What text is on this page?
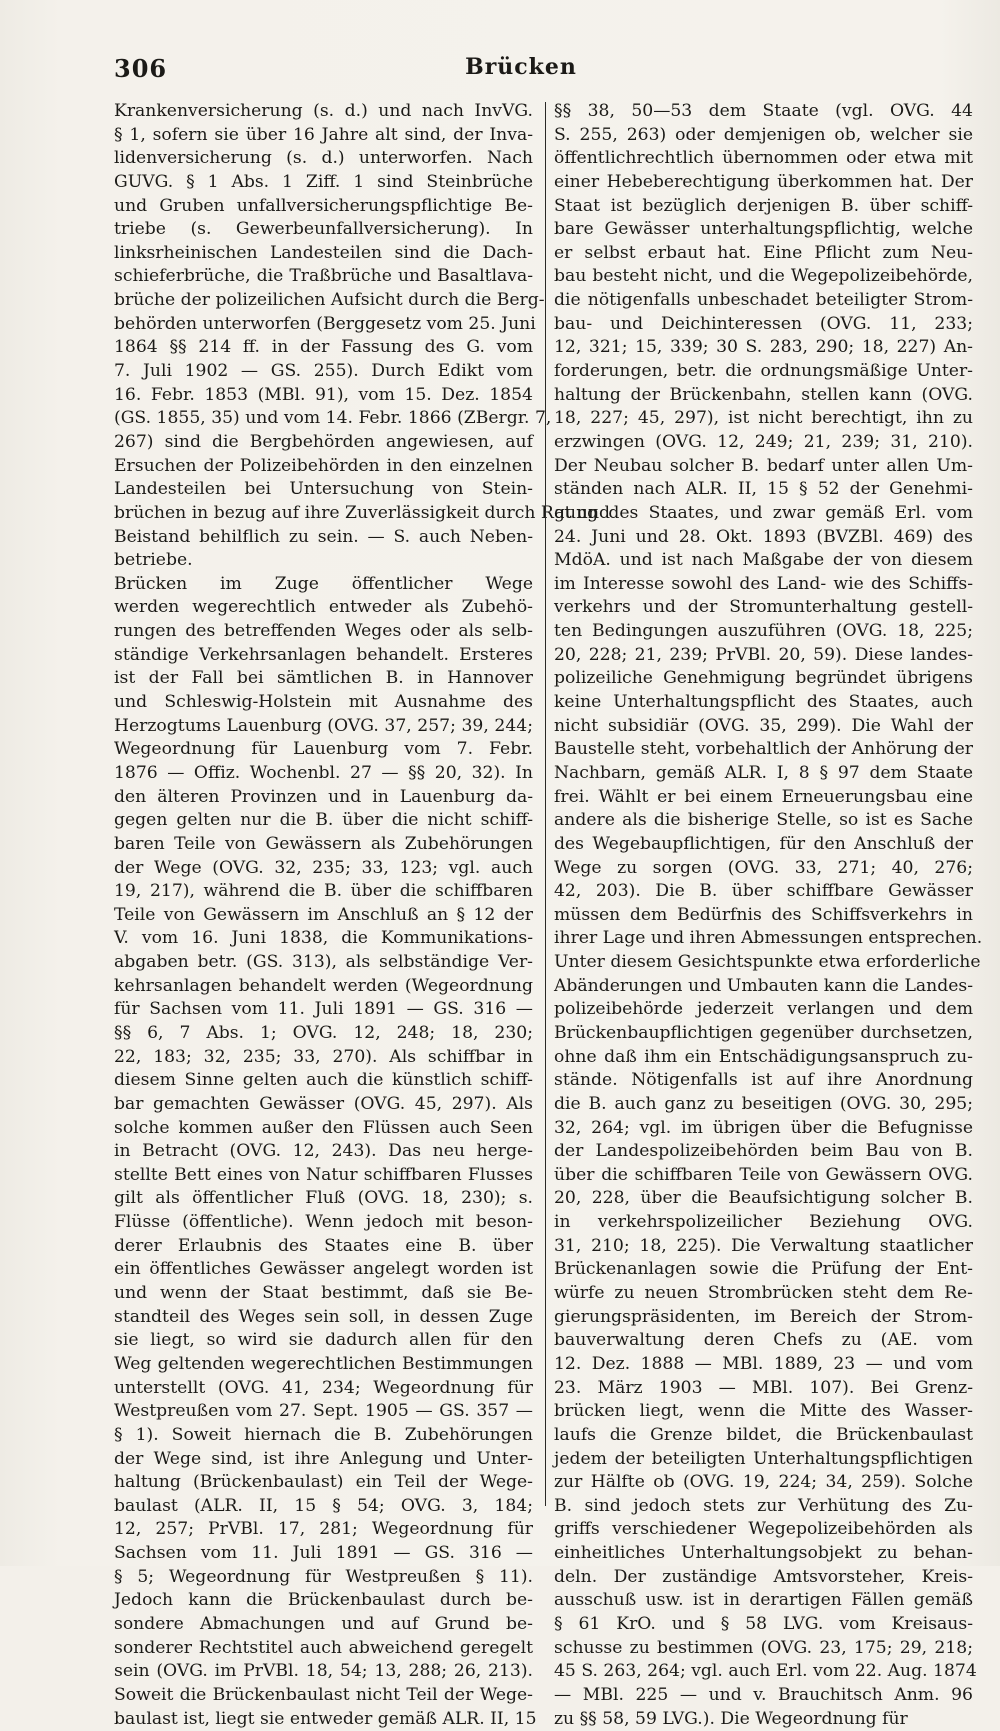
306	Brücken
Krankenversicherung (s. d.) und nach InvVG.
§ 1, sofern sie über 16 Jahre alt sind, der Inva-
lidenversicherung (s. d.) unterworfen. Nach
GUVG. § 1 Abs. 1 Ziff. 1 sind Steinbrüche
und Gruben unfallversicherungspflichtige Be-
triebe (s. Gewerbeunfallversicherung). In
linksrheinischen Landesteilen sind die Dach-
schieferbrüche, die Traßbrüche und Basaltlava-
brüche der polizeilichen Aufsicht durch die Berg-
behörden unterworfen (Berggesetz vom 25. Juni
1864 §§ 214 ff. in der Fassung des G. vom
7. Juli 1902 — GS. 255). Durch Edikt vom
16. Febr. 1853 (MBl. 91), vom 15. Dez. 1854
(GS. 1855, 35) und vom 14. Febr. 1866 (ZBergr. 7,
267) sind die Bergbehörden angewiesen, auf
Ersuchen der Polizeibehörden in den einzelnen
Landesteilen bei Untersuchung von Stein-
brüchen in bezug auf ihre Zuverlässigkeit durch Rat und
Beistand behilflich zu sein. — S. auch Neben-
betriebe.
Brücken im Zuge öffentlicher Wege
werden wegerechtlich entweder als Zubehö-
rungen des betreffenden Weges oder als selb-
ständige Verkehrsanlagen behandelt. Ersteres
ist der Fall bei sämtlichen B. in Hannover
und Schleswig-Holstein mit Ausnahme des
Herzogtums Lauenburg (OVG. 37, 257; 39, 244;
Wegeordnung für Lauenburg vom 7. Febr.
1876 — Offiz. Wochenbl. 27 — §§ 20, 32). In
den älteren Provinzen und in Lauenburg da-
gegen gelten nur die B. über die nicht schiff-
baren Teile von Gewässern als Zubehörungen
der Wege (OVG. 32, 235; 33, 123; vgl. auch
19, 217), während die B. über die schiffbaren
Teile von Gewässern im Anschluß an § 12 der
V. vom 16. Juni 1838, die Kommunikations-
abgaben betr. (GS. 313), als selbständige Ver-
kehrsanlagen behandelt werden (Wegeordnung
für Sachsen vom 11. Juli 1891 — GS. 316 —
§§ 6, 7 Abs. 1; OVG. 12, 248; 18, 230;
22, 183; 32, 235; 33, 270). Als schiffbar in
diesem Sinne gelten auch die künstlich schiff-
bar gemachten Gewässer (OVG. 45, 297). Als
solche kommen außer den Flüssen auch Seen
in Betracht (OVG. 12, 243). Das neu herge-
stellte Bett eines von Natur schiffbaren Flusses
gilt als öffentlicher Fluß (OVG. 18, 230); s.
Flüsse (öffentliche). Wenn jedoch mit beson-
derer Erlaubnis des Staates eine B. über
ein öffentliches Gewässer angelegt worden ist
und wenn der Staat bestimmt, daß sie Be-
standteil des Weges sein soll, in dessen Zuge
sie liegt, so wird sie dadurch allen für den
Weg geltenden wegerechtlichen Bestimmungen
unterstellt (OVG. 41, 234; Wegeordnung für
Westpreußen vom 27. Sept. 1905 — GS. 357 —
§ 1). Soweit hiernach die B. Zubehörungen
der Wege sind, ist ihre Anlegung und Unter-
haltung (Brückenbaulast) ein Teil der Wege-
baulast (ALR. II, 15 § 54; OVG. 3, 184;
12, 257; PrVBl. 17, 281; Wegeordnung für
Sachsen vom 11. Juli 1891 — GS. 316 —
§ 5; Wegeordnung für Westpreußen § 11).
Jedoch kann die Brückenbaulast durch be-
sondere Abmachungen und auf Grund be-
sonderer Rechtstitel auch abweichend geregelt
sein (OVG. im PrVBl. 18, 54; 13, 288; 26, 213).
Soweit die Brückenbaulast nicht Teil der Wege-
baulast ist, liegt sie entweder gemäß ALR. II, 15
§§ 38, 50—53 dem Staate (vgl. OVG. 44
S. 255, 263) oder demjenigen ob, welcher sie
öffentlichrechtlich übernommen oder etwa mit
einer Hebeberechtigung überkommen hat. Der
Staat ist bezüglich derjenigen B. über schiff-
bare Gewässer unterhaltungspflichtig, welche
er selbst erbaut hat. Eine Pflicht zum Neu-
bau besteht nicht, und die Wegepolizeibehörde,
die nötigenfalls unbeschadet beteiligter Strom-
bau- und Deichinteressen (OVG. 11, 233;
12, 321; 15, 339; 30 S. 283, 290; 18, 227) An-
forderungen, betr. die ordnungsmäßige Unter-
haltung der Brückenbahn, stellen kann (OVG.
18, 227; 45, 297), ist nicht berechtigt, ihn zu
erzwingen (OVG. 12, 249; 21, 239; 31, 210).
Der Neubau solcher B. bedarf unter allen Um-
ständen nach ALR. II, 15 § 52 der Genehmi-
gung des Staates, und zwar gemäß Erl. vom
24. Juni und 28. Okt. 1893 (BVZBl. 469) des
MdöA. und ist nach Maßgabe der von diesem
im Interesse sowohl des Land- wie des Schiffs-
verkehrs und der Stromunterhaltung gestell-
ten Bedingungen auszuführen (OVG. 18, 225;
20, 228; 21, 239; PrVBl. 20, 59). Diese landes-
polizeiliche Genehmigung begründet übrigens
keine Unterhaltungspflicht des Staates, auch
nicht subsidiär (OVG. 35, 299). Die Wahl der
Baustelle steht, vorbehaltlich der Anhörung der
Nachbarn, gemäß ALR. I, 8 § 97 dem Staate
frei. Wählt er bei einem Erneuerungsbau eine
andere als die bisherige Stelle, so ist es Sache
des Wegebaupflichtigen, für den Anschluß der
Wege zu sorgen (OVG. 33, 271; 40, 276;
42, 203). Die B. über schiffbare Gewässer
müssen dem Bedürfnis des Schiffsverkehrs in
ihrer Lage und ihren Abmessungen entsprechen.
Unter diesem Gesichtspunkte etwa erforderliche
Abänderungen und Umbauten kann die Landes-
polizeibehörde jederzeit verlangen und dem
Brückenbaupflichtigen gegenüber durchsetzen,
ohne daß ihm ein Entschädigungsanspruch zu-
stände. Nötigenfalls ist auf ihre Anordnung
die B. auch ganz zu beseitigen (OVG. 30, 295;
32, 264; vgl. im übrigen über die Befugnisse
der Landespolizeibehörden beim Bau von B.
über die schiffbaren Teile von Gewässern OVG.
20, 228, über die Beaufsichtigung solcher B.
in verkehrspolizeilicher Beziehung OVG.
31, 210; 18, 225). Die Verwaltung staatlicher
Brückenanlagen sowie die Prüfung der Ent-
würfe zu neuen Strombrücken steht dem Re-
gierungspräsidenten, im Bereich der Strom-
bauverwaltung deren Chefs zu (AE. vom
12. Dez. 1888 — MBl. 1889, 23 — und vom
23. März 1903 — MBl. 107). Bei Grenz-
brücken liegt, wenn die Mitte des Wasser-
laufs die Grenze bildet, die Brückenbaulast
jedem der beteiligten Unterhaltungspflichtigen
zur Hälfte ob (OVG. 19, 224; 34, 259). Solche
B. sind jedoch stets zur Verhütung des Zu-
griffs verschiedener Wegepolizeibehörden als
einheitliches Unterhaltungsobjekt zu behan-
deln. Der zuständige Amtsvorsteher, Kreis-
ausschuß usw. ist in derartigen Fällen gemäß
§ 61 KrO. und § 58 LVG. vom Kreisaus-
schusse zu bestimmen (OVG. 23, 175; 29, 218;
45 S. 263, 264; vgl. auch Erl. vom 22. Aug. 1874
— MBl. 225 — und v. Brauchitsch Anm. 96
zu §§ 58, 59 LVG.). Die Wegeordnung für
